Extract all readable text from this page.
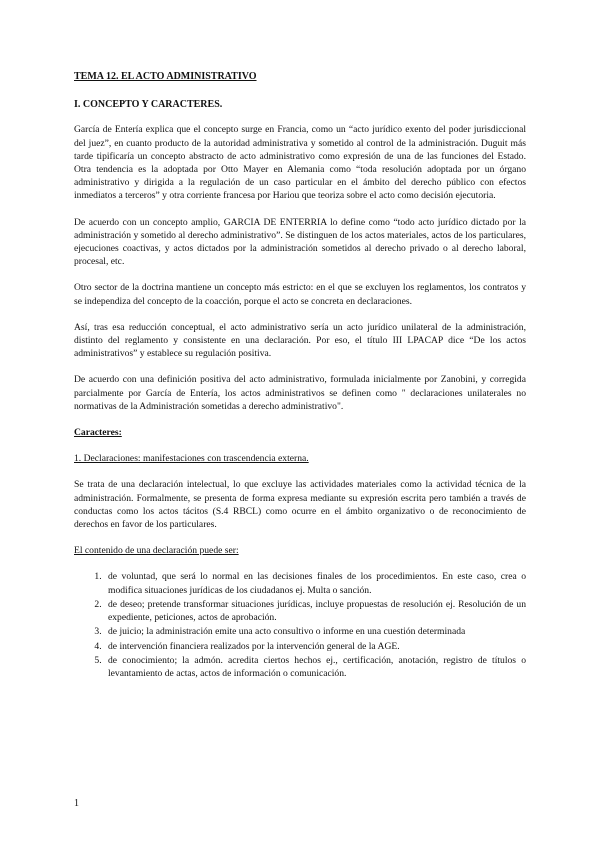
TEMA 12. EL ACTO ADMINISTRATIVO
I. CONCEPTO Y CARACTERES.

García de Entería explica que el concepto surge en Francia, como un “acto jurídico exento del poder jurisdiccional del juez”, en cuanto producto de la autoridad administrativa y sometido al control de la administración. Duguit más tarde tipificaría un concepto abstracto de acto administrativo como expresión de una de las funciones del Estado. Otra tendencia es la adoptada por Otto Mayer en Alemania como “toda resolución adoptada por un órgano administrativo y dirigida a la regulación de un caso particular en el ámbito del derecho público con efectos inmediatos a terceros” y otra corriente francesa por Hariou que teoriza sobre el acto como decisión ejecutoria.

De acuerdo con un concepto amplio, GARCIA DE ENTERRIA lo define como “todo acto jurídico dictado por la administración y sometido al derecho administrativo”. Se distinguen de los actos materiales, actos de los particulares, ejecuciones coactivas, y actos dictados por la administración sometidos al derecho privado o al derecho laboral, procesal, etc.

Otro sector de la doctrina mantiene un concepto más estricto: en el que se excluyen los reglamentos, los contratos y se independiza del concepto de la coacción, porque el acto se concreta en declaraciones.

Así, tras esa reducción conceptual, el acto administrativo sería un acto jurídico unilateral de la administración, distinto del reglamento y consistente en una declaración. Por eso, el título III LPACAP dice “De los actos administrativos” y establece su regulación positiva.

De acuerdo con una definición positiva del acto administrativo, formulada inicialmente por Zanobini, y corregida parcialmente por García de Entería, los actos administrativos se definen como " declaraciones unilaterales no normativas de la Administración sometidas a derecho administrativo".

Caracteres:
1. Declaraciones: manifestaciones con trascendencia externa.

Se trata de una declaración intelectual, lo que excluye las actividades materiales como la actividad técnica de la administración. Formalmente, se presenta de forma expresa mediante su expresión escrita pero también a través de conductas como los actos tácitos (S.4 RBCL) como ocurre en el ámbito organizativo o de reconocimiento de derechos en favor de los particulares.

El contenido de una declaración puede ser:
1. de voluntad, que será lo normal en las decisiones finales de los procedimientos. En este caso, crea o modifica situaciones jurídicas de los ciudadanos ej. Multa o sanción.
2. de deseo; pretende transformar situaciones jurídicas, incluye propuestas de resolución ej. Resolución de un expediente, peticiones, actos de aprobación.
3. de juicio; la administración emite una acto consultivo o informe en una cuestión determinada
4. de intervención financiera realizados por la intervención general de la AGE.
5. de conocimiento; la admón. acredita ciertos hechos ej., certificación, anotación, registro de títulos o levantamiento de actas, actos de información o comunicación.
1
